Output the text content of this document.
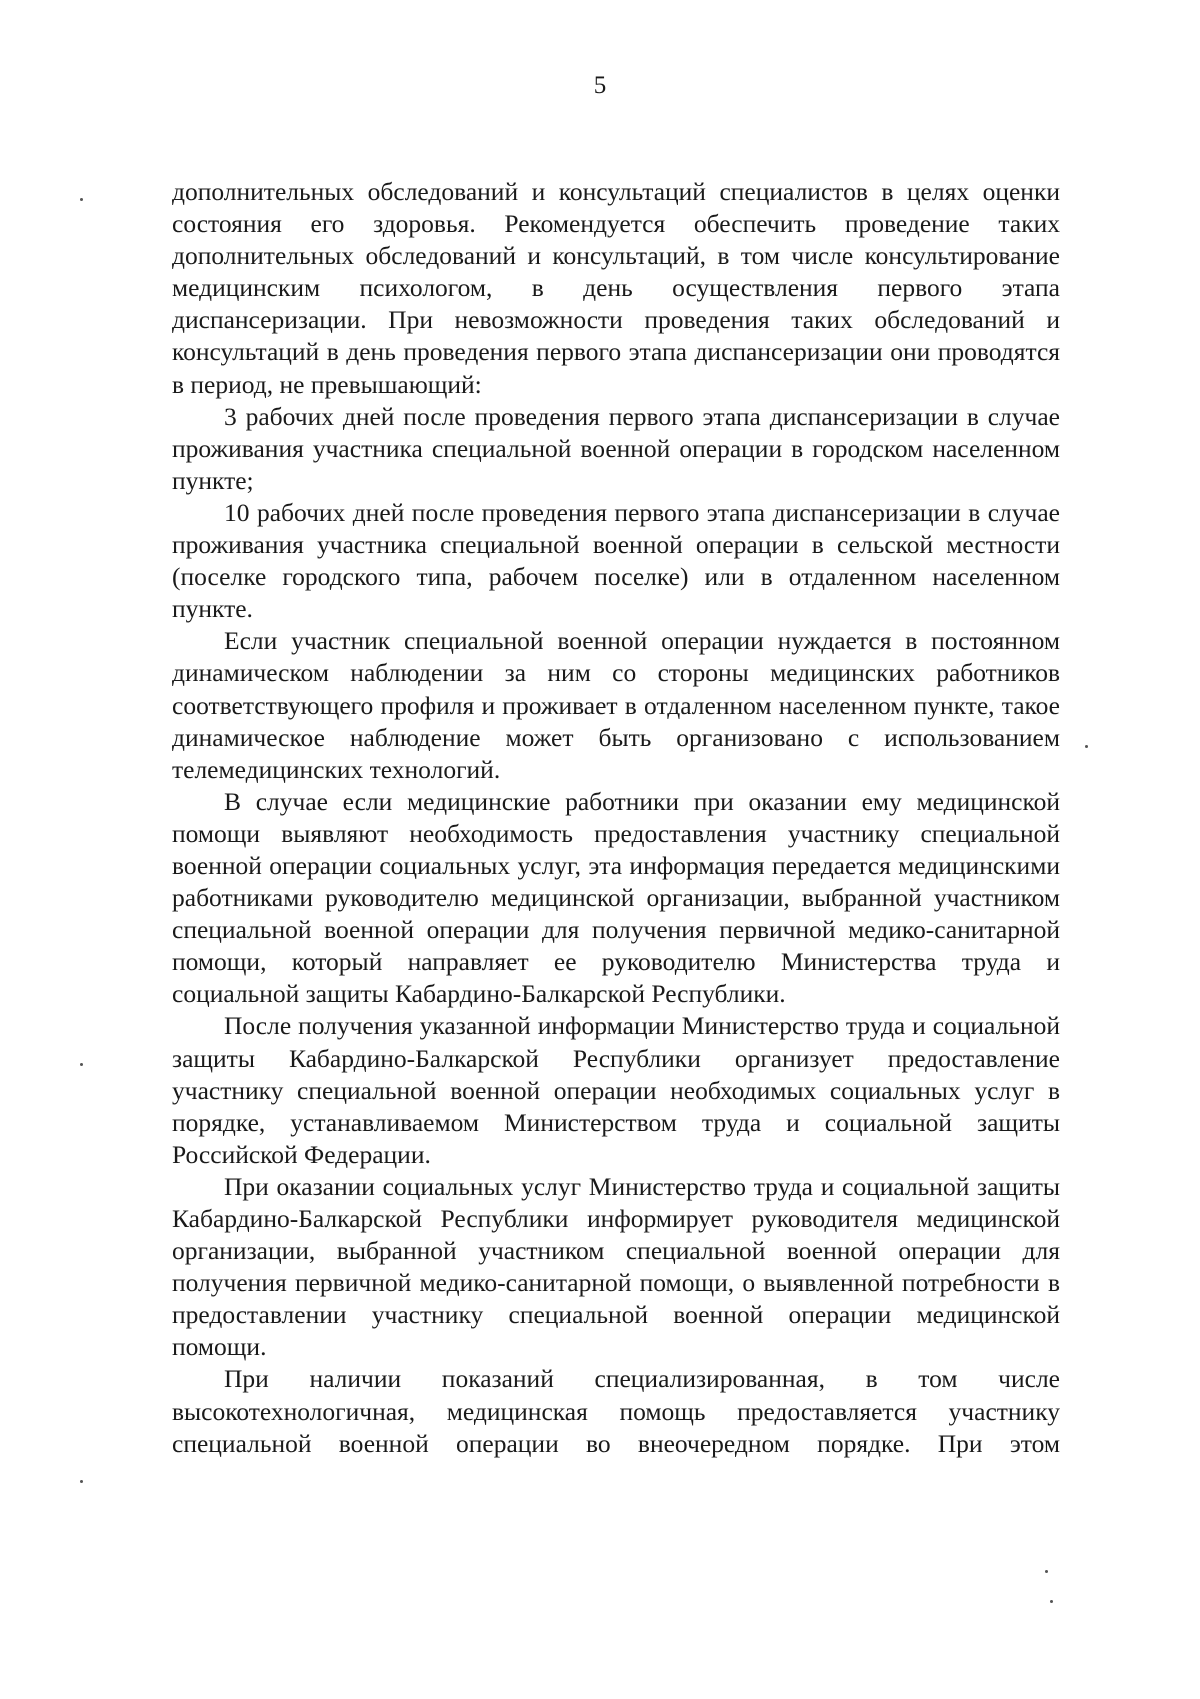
5

дополнительных обследований и консультаций специалистов в целях оценки состояния его здоровья. Рекомендуется обеспечить проведение таких дополнительных обследований и консультаций, в том числе консультирование медицинским психологом, в день осуществления первого этапа диспансеризации. При невозможности проведения таких обследований и консультаций в день проведения первого этапа диспансеризации они проводятся в период, не превышающий:

3 рабочих дней после проведения первого этапа диспансеризации в случае проживания участника специальной военной операции в городском населенном пункте;

10 рабочих дней после проведения первого этапа диспансеризации в случае проживания участника специальной военной операции в сельской местности (поселке городского типа, рабочем поселке) или в отдаленном населенном пункте.

Если участник специальной военной операции нуждается в постоянном динамическом наблюдении за ним со стороны медицинских работников соответствующего профиля и проживает в отдаленном населенном пункте, такое динамическое наблюдение может быть организовано с использованием телемедицинских технологий.

В случае если медицинские работники при оказании ему медицинской помощи выявляют необходимость предоставления участнику специальной военной операции социальных услуг, эта информация передается медицинскими работниками руководителю медицинской организации, выбранной участником специальной военной операции для получения первичной медико-санитарной помощи, который направляет ее руководителю Министерства труда и социальной защиты Кабардино-Балкарской Республики.

После получения указанной информации Министерство труда и социальной защиты Кабардино-Балкарской Республики организует предоставление участнику специальной военной операции необходимых социальных услуг в порядке, устанавливаемом Министерством труда и социальной защиты Российской Федерации.

При оказании социальных услуг Министерство труда и социальной защиты Кабардино-Балкарской Республики информирует руководителя медицинской организации, выбранной участником специальной военной операции для получения первичной медико-санитарной помощи, о выявленной потребности в предоставлении участнику специальной военной операции медицинской помощи.

При наличии показаний специализированная, в том числе высокотехнологичная, медицинская помощь предоставляется участнику специальной военной операции во внеочередном порядке. При этом
